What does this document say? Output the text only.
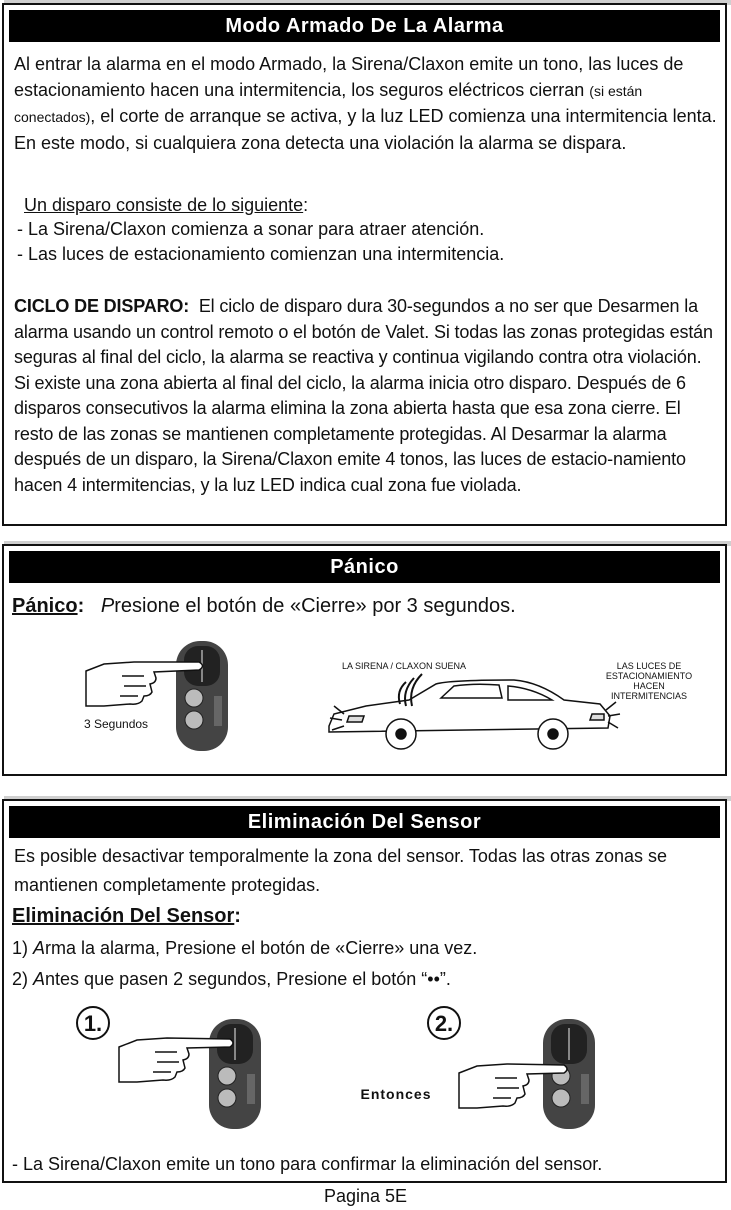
Modo Armado De La Alarma
Al entrar la alarma en el modo Armado, la Sirena/Claxon emite un tono, las luces de estacionamiento hacen una intermitencia, los seguros eléctricos cierran (si están conectados), el corte de arranque se activa, y la luz LED comienza una intermitencia lenta. En este modo, si cualquiera zona detecta una violación la alarma se dispara.
Un disparo consiste de lo siguiente:
- La Sirena/Claxon comienza a sonar para atraer atención.
- Las luces de estacionamiento comienzan una intermitencia.
CICLO DE DISPARO: El ciclo de disparo dura 30-segundos a no ser que Desarmen la alarma usando un control remoto o el botón de Valet. Si todas las zonas protegidas están seguras al final del ciclo, la alarma se reactiva y continua vigilando contra otra violación. Si existe una zona abierta al final del ciclo, la alarma inicia otro disparo. Después de 6 disparos consecutivos la alarma elimina la zona abierta hasta que esa zona cierre. El resto de las zonas se mantienen completamente protegidas. Al Desarmar la alarma después de un disparo, la Sirena/Claxon emite 4 tonos, las luces de estacio-namiento hacen 4 intermitencias, y la luz LED indica cual zona fue violada.
Pánico
Pánico: Presione el botón de «Cierre» por 3 segundos.
3 Segundos
LA SIRENA / CLAXON SUENA	LAS LUCES DE
ESTACIONAMIENTO
HACEN
INTERMITENCIAS
Eliminación Del Sensor
Es posible desactivar temporalmente la zona del sensor. Todas las otras zonas se mantienen completamente protegidas.
Eliminación Del Sensor:
1) Arma la alarma, Presione el botón de «Cierre» una vez.
2) Antes que pasen 2 segundos, Presione el botón “••”.
1.	2.
Entonces
- La Sirena/Claxon emite un tono para confirmar la eliminación del sensor.
Pagina 5E
